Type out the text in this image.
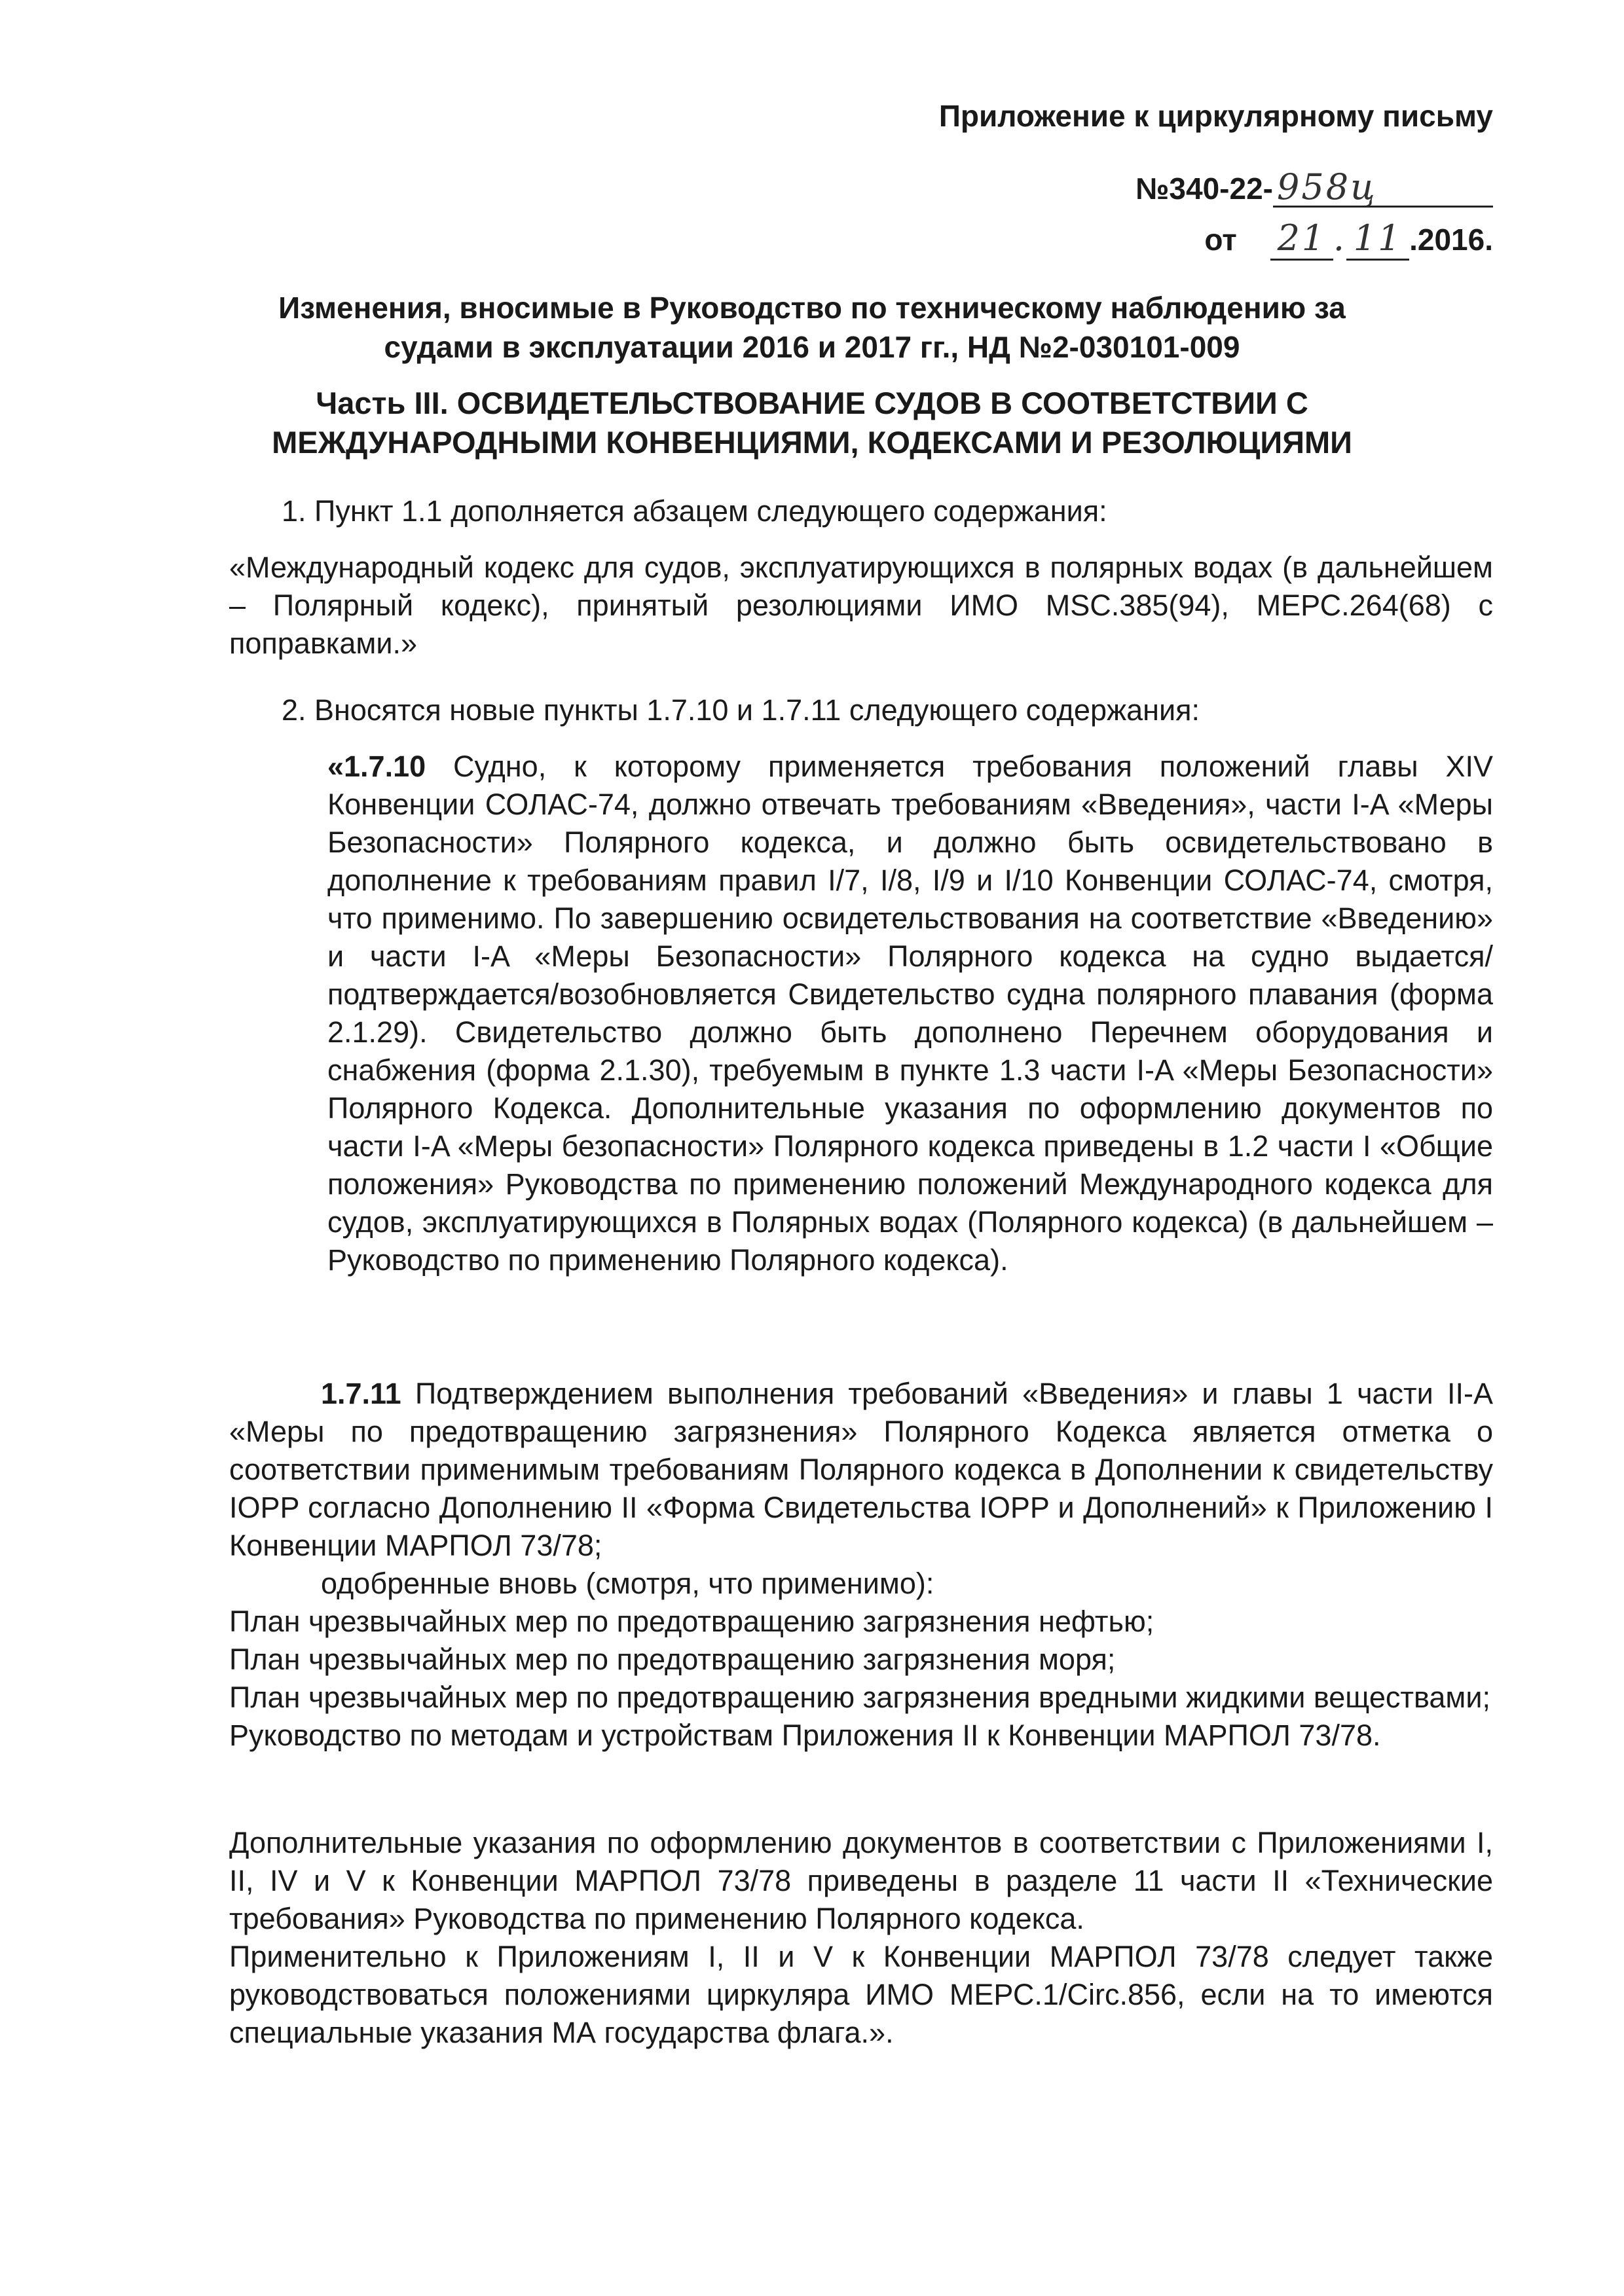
Приложение к циркулярному письму
№340-22- 958ц
от 21 . 11 .2016.
Изменения, вносимые в Руководство по техническому наблюдению за судами в эксплуатации 2016 и 2017 гг., НД №2-030101-009
Часть III. ОСВИДЕТЕЛЬСТВОВАНИЕ СУДОВ В СООТВЕТСТВИИ С МЕЖДУНАРОДНЫМИ КОНВЕНЦИЯМИ, КОДЕКСАМИ И РЕЗОЛЮЦИЯМИ

1. Пункт 1.1 дополняется абзацем следующего содержания:

«Международный кодекс для судов, эксплуатирующихся в полярных водах (в дальнейшем – Полярный кодекс), принятый резолюциями ИМО MSC.385(94), МЕРС.264(68) с поправками.»

2. Вносятся новые пункты 1.7.10 и 1.7.11 следующего содержания:

«1.7.10 Судно, к которому применяется требования положений главы XIV Конвенции СОЛАС-74, должно отвечать требованиям «Введения», части I-A «Меры Безопасности» Полярного кодекса, и должно быть освидетельствовано в дополнение к требованиям правил I/7, I/8, I/9 и I/10 Конвенции СОЛАС-74, смотря, что применимо. По завершению освидетельствования на соответствие «Введению» и части I-A «Меры Безопасности» Полярного кодекса на судно выдается/подтверждается/возобновляется Свидетельство судна полярного плавания (форма 2.1.29). Свидетельство должно быть дополнено Перечнем оборудования и снабжения (форма 2.1.30), требуемым в пункте 1.3 части I-A «Меры Безопасности» Полярного Кодекса. Дополнительные указания по оформлению документов по части I-A «Меры безопасности» Полярного кодекса приведены в 1.2 части I «Общие положения» Руководства по применению положений Международного кодекса для судов, эксплуатирующихся в Полярных водах (Полярного кодекса) (в дальнейшем – Руководство по применению Полярного кодекса).

1.7.11 Подтверждением выполнения требований «Введения» и главы 1 части II-A «Меры по предотвращению загрязнения» Полярного Кодекса является отметка о соответствии применимым требованиям Полярного кодекса в Дополнении к свидетельству IOPP согласно Дополнению II «Форма Свидетельства IOPP и Дополнений» к Приложению I Конвенции МАРПОЛ 73/78;

одобренные вновь (смотря, что применимо):

План чрезвычайных мер по предотвращению загрязнения нефтью;

План чрезвычайных мер по предотвращению загрязнения моря;

План чрезвычайных мер по предотвращению загрязнения вредными жидкими веществами;

Руководство по методам и устройствам Приложения II к Конвенции МАРПОЛ 73/78.

Дополнительные указания по оформлению документов в соответствии с Приложениями I, II, IV и V к Конвенции МАРПОЛ 73/78 приведены в разделе 11 части II «Технические требования» Руководства по применению Полярного кодекса.

Применительно к Приложениям I, II и V к Конвенции МАРПОЛ 73/78 следует также руководствоваться положениями циркуляра ИМО МЕРС.1/Circ.856, если на то имеются специальные указания МА государства флага.».
